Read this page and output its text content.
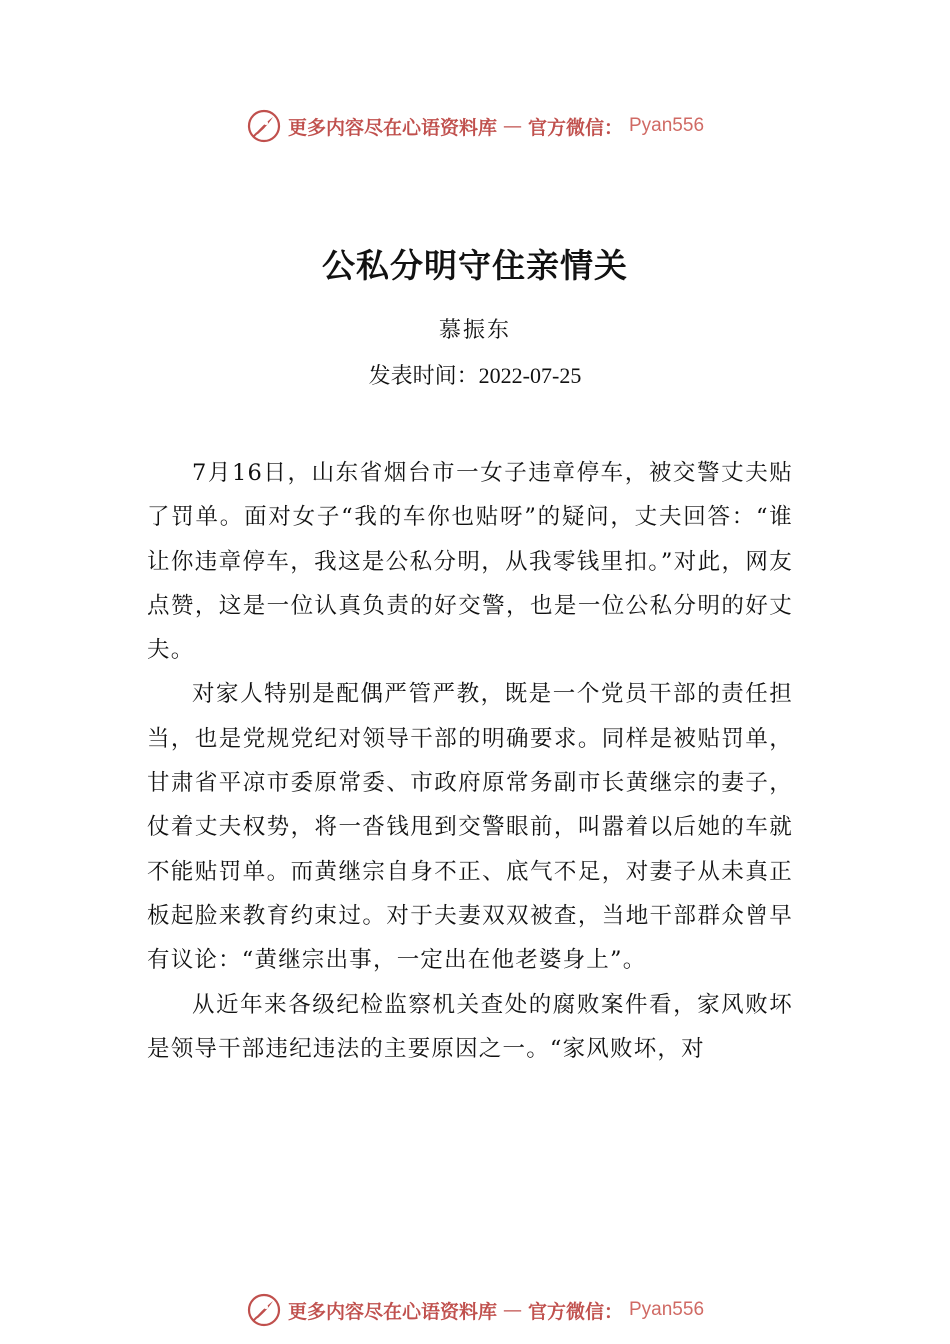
更多内容尽在心语资料库 — 官方微信： Pyan556
公私分明守住亲情关
慕振东
发表时间：2022-07-25

7月16日，山东省烟台市一女子违章停车，被交警丈夫贴了罚单。面对女子“我的车你也贴呀”的疑问，丈夫回答：“谁让你违章停车，我这是公私分明，从我零钱里扣。”对此，网友点赞，这是一位认真负责的好交警，也是一位公私分明的好丈夫。

对家人特别是配偶严管严教，既是一个党员干部的责任担当，也是党规党纪对领导干部的明确要求。同样是被贴罚单，甘肃省平凉市委原常委、市政府原常务副市长黄继宗的妻子，仗着丈夫权势，将一沓钱甩到交警眼前，叫嚣着以后她的车就不能贴罚单。而黄继宗自身不正、底气不足，对妻子从未真正板起脸来教育约束过。对于夫妻双双被查，当地干部群众曾早有议论：“黄继宗出事，一定出在他老婆身上”。

从近年来各级纪检监察机关查处的腐败案件看，家风败坏是领导干部违纪违法的主要原因之一。“家风败坏，对

更多内容尽在心语资料库 — 官方微信： Pyan556
